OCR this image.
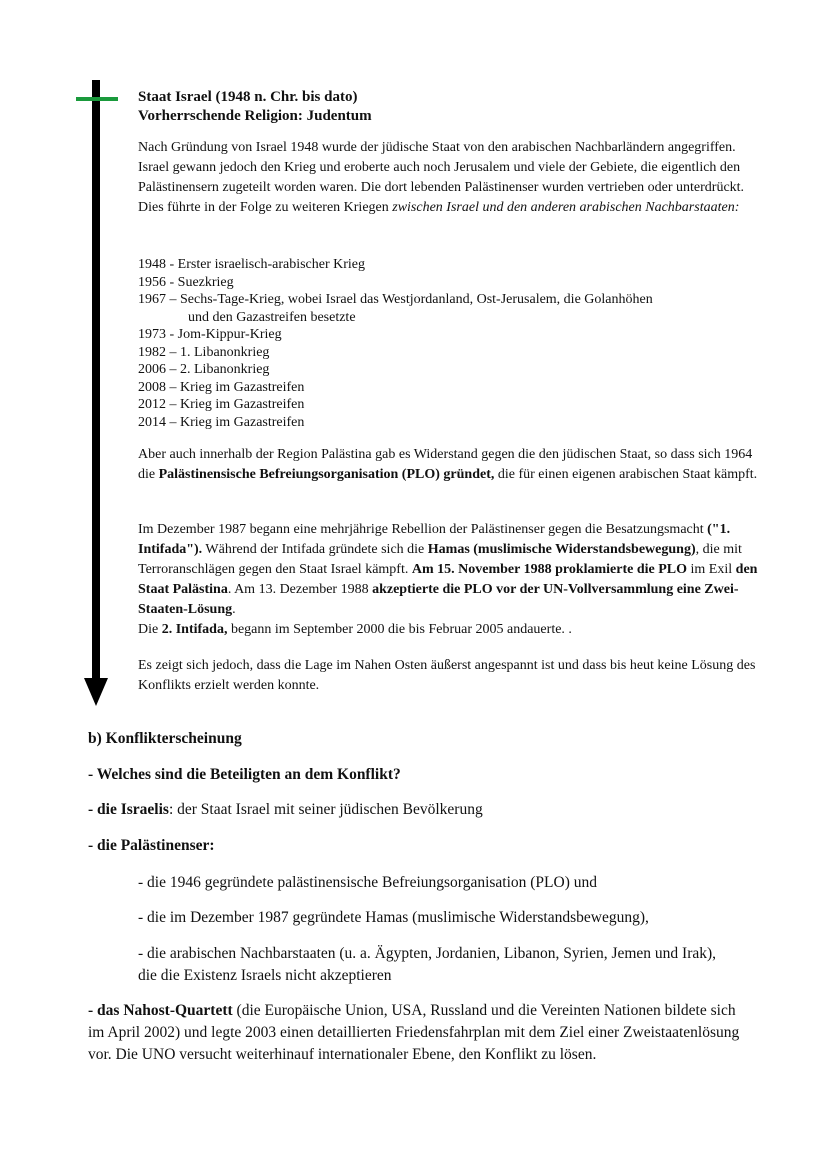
Staat Israel (1948 n. Chr. bis dato)
Vorherrschende Religion: Judentum

Nach Gründung von Israel 1948 wurde der jüdische Staat von den arabischen Nachbarländern angegriffen. Israel gewann jedoch den Krieg und eroberte auch noch Jerusalem und viele der Gebiete, die eigentlich den Palästinensern zugeteilt worden waren. Die dort lebenden Palästinenser wurden vertrieben oder unterdrückt. Dies führte in der Folge zu weiteren Kriegen zwischen Israel und den anderen arabischen Nachbarstaaten:

1948 - Erster israelisch-arabischer Krieg
1956 - Suezkrieg
1967 – Sechs-Tage-Krieg, wobei Israel das Westjordanland, Ost-Jerusalem, die Golanhöhen
und den Gazastreifen besetzte
1973 - Jom-Kippur-Krieg
1982 – 1. Libanonkrieg
2006 – 2. Libanonkrieg
2008 – Krieg im Gazastreifen
2012 – Krieg im Gazastreifen
2014 – Krieg im Gazastreifen

Aber auch innerhalb der Region Palästina gab es Widerstand gegen die den jüdischen Staat, so dass sich 1964 die Palästinensische Befreiungsorganisation (PLO) gründet, die für einen eigenen arabischen Staat kämpft.

Im Dezember 1987 begann eine mehrjährige Rebellion der Palästinenser gegen die Besatzungsmacht ("1. Intifada"). Während der Intifada gründete sich die Hamas (muslimische Widerstandsbewegung), die mit Terroranschlägen gegen den Staat Israel kämpft. Am 15. November 1988 proklamierte die PLO im Exil den Staat Palästina. Am 13. Dezember 1988 akzeptierte die PLO vor der UN-Vollversammlung eine Zwei-Staaten-Lösung.

Die 2. Intifada, begann im September 2000 die bis Februar 2005 andauerte. .

Es zeigt sich jedoch, dass die Lage im Nahen Osten äußerst angespannt ist und dass bis heut keine Lösung des Konflikts erzielt werden konnte.

b) Konflikterscheinung
- Welches sind die Beteiligten an dem Konflikt?
- die Israelis: der Staat Israel mit seiner jüdischen Bevölkerung
- die Palästinenser:
- die 1946 gegründete palästinensische Befreiungsorganisation (PLO) und
- die im Dezember 1987 gegründete Hamas (muslimische Widerstandsbewegung),
- die arabischen Nachbarstaaten (u. a. Ägypten, Jordanien, Libanon, Syrien, Jemen und Irak), die die Existenz Israels nicht akzeptieren
- das Nahost-Quartett (die Europäische Union, USA, Russland und die Vereinten Nationen bildete sich im April 2002) und legte 2003 einen detaillierten Friedensfahrplan mit dem Ziel einer Zweistaatenlösung vor. Die UNO versucht weiterhinauf internationaler Ebene, den Konflikt zu lösen.
